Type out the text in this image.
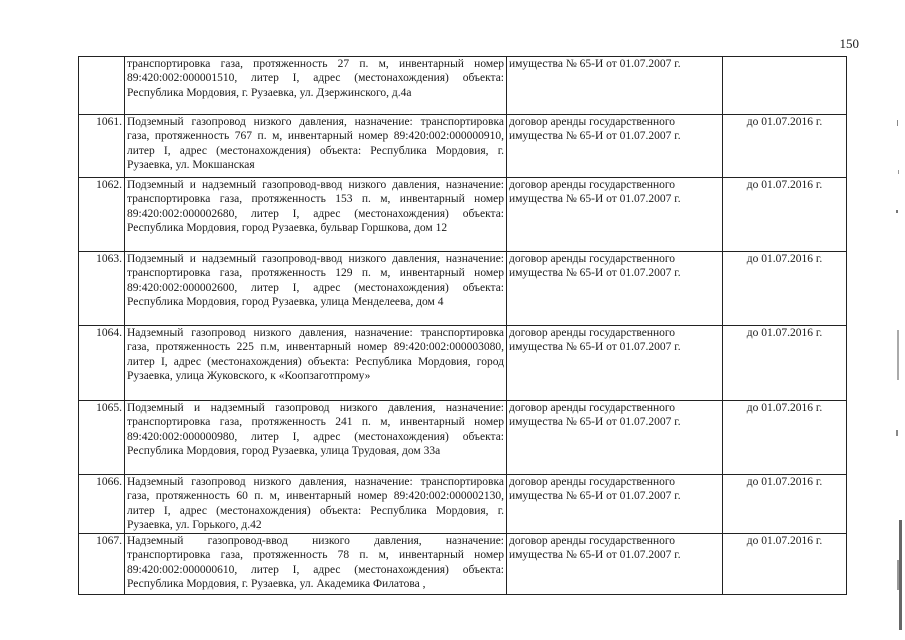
150
	транспортировка газа, протяженность 27 п. м, инвентарный номер 89:420:002:000001510, литер I, адрес (местонахождения) объекта: Республика Мордовия, г. Рузаевка, ул. Дзержинского, д.4а	имущества № 65-И от 01.07.2007 г.	
1061.	Подземный газопровод низкого давления, назначение: транспортировка газа, протяженность 767 п. м, инвентарный номер 89:420:002:000000910, литер I, адрес (местонахождения) объекта: Республика Мордовия, г. Рузаевка, ул. Мокшанская	договор аренды государственного имущества № 65-И от 01.07.2007 г.	до 01.07.2016 г.
1062.	Подземный и надземный газопровод-ввод низкого давления, назначение: транспортировка газа, протяженность 153 п. м, инвентарный номер 89:420:002:000002680, литер I, адрес (местонахождения) объекта: Республика Мордовия, город Рузаевка, бульвар Горшкова, дом 12	договор аренды государственного имущества № 65-И от 01.07.2007 г.	до 01.07.2016 г.
1063.	Подземный и надземный газопровод-ввод низкого давления, назначение: транспортировка газа, протяженность 129 п. м, инвентарный номер 89:420:002:000002600, литер I, адрес (местонахождения) объекта: Республика Мордовия, город Рузаевка, улица Менделеева, дом 4	договор аренды государственного имущества № 65-И от 01.07.2007 г.	до 01.07.2016 г.
1064.	Надземный газопровод низкого давления, назначение: транспортировка газа, протяженность 225 п.м, инвентарный номер 89:420:002:000003080, литер I, адрес (местонахождения) объекта: Республика Мордовия, город Рузаевка, улица Жуковского, к «Коопзаготпрому»	договор аренды государственного имущества № 65-И от 01.07.2007 г.	до 01.07.2016 г.
1065.	Подземный и надземный газопровод низкого давления, назначение: транспортировка газа, протяженность 241 п. м, инвентарный номер 89:420:002:000000980, литер I, адрес (местонахождения) объекта: Республика Мордовия, город Рузаевка, улица Трудовая, дом 33а	договор аренды государственного имущества № 65-И от 01.07.2007 г.	до 01.07.2016 г.
1066.	Надземный газопровод низкого давления, назначение: транспортировка газа, протяженность 60 п. м, инвентарный номер 89:420:002:000002130, литер I, адрес (местонахождения) объекта: Республика Мордовия, г. Рузаевка, ул. Горького, д.42	договор аренды государственного имущества № 65-И от 01.07.2007 г.	до 01.07.2016 г.
1067.	Надземный газопровод-ввод низкого давления, назначение: транспортировка газа, протяженность 78 п. м, инвентарный номер 89:420:002:000000610, литер I, адрес (местонахождения) объекта: Республика Мордовия, г. Рузаевка, ул. Академика Филатова ,	договор аренды государственного имущества № 65-И от 01.07.2007 г.	до 01.07.2016 г.
